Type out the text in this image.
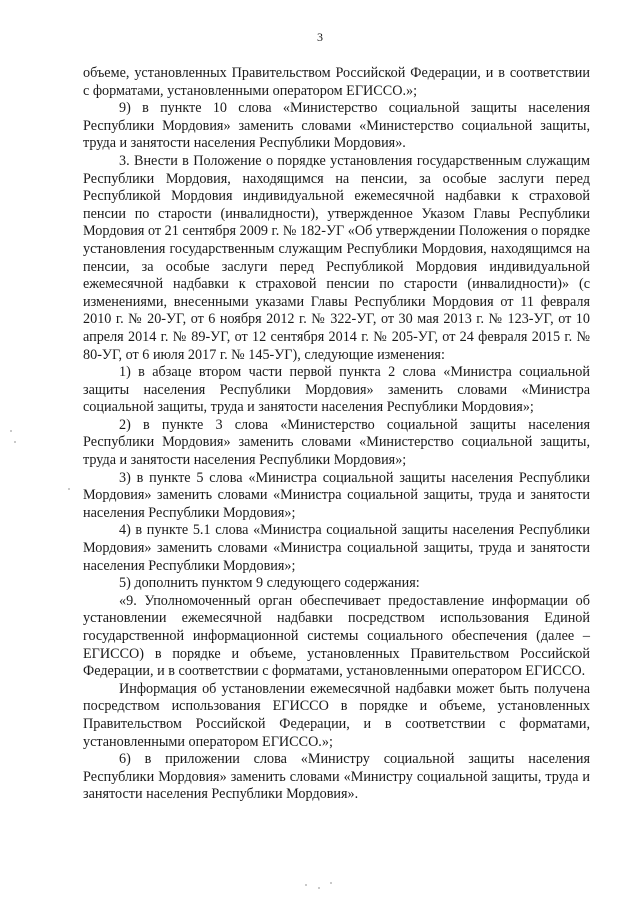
3

объеме, установленных Правительством Российской Федерации, и в соответствии с форматами, установленными оператором ЕГИССО.»;

9) в пункте 10 слова «Министерство социальной защиты населения Республики Мордовия» заменить словами «Министерство социальной защиты, труда и занятости населения Республики Мордовия».

3. Внести в Положение о порядке установления государственным служащим Республики Мордовия, находящимся на пенсии, за особые заслуги перед Республикой Мордовия индивидуальной ежемесячной надбавки к страховой пенсии по старости (инвалидности), утвержденное Указом Главы Республики Мордовия от 21 сентября 2009 г. № 182-УГ «Об утверждении Положения о порядке установления государственным служащим Республики Мордовия, находящимся на пенсии, за особые заслуги перед Республикой Мордовия индивидуальной ежемесячной надбавки к страховой пенсии по старости (инвалидности)» (с изменениями, внесенными указами Главы Республики Мордовия от 11 февраля 2010 г. № 20-УГ, от 6 ноября 2012 г. № 322-УГ, от 30 мая 2013 г. № 123-УГ, от 10 апреля 2014 г. № 89-УГ, от 12 сентября 2014 г. № 205-УГ, от 24 февраля 2015 г. № 80-УГ, от 6 июля 2017 г. № 145-УГ), следующие изменения:

1) в абзаце втором части первой пункта 2 слова «Министра социальной защиты населения Республики Мордовия» заменить словами «Министра социальной защиты, труда и занятости населения Республики Мордовия»;

2) в пункте 3 слова «Министерство социальной защиты населения Республики Мордовия» заменить словами «Министерство социальной защиты, труда и занятости населения Республики Мордовия»;

3) в пункте 5 слова «Министра социальной защиты населения Республики Мордовия» заменить словами «Министра социальной защиты, труда и занятости населения Республики Мордовия»;

4) в пункте 5.1 слова «Министра социальной защиты населения Республики Мордовия» заменить словами «Министра социальной защиты, труда и занятости населения Республики Мордовия»;

5) дополнить пунктом 9 следующего содержания:

«9. Уполномоченный орган обеспечивает предоставление информации об установлении ежемесячной надбавки посредством использования Единой государственной информационной системы социального обеспечения (далее – ЕГИССО) в порядке и объеме, установленных Правительством Российской Федерации, и в соответствии с форматами, установленными оператором ЕГИССО.

Информация об установлении ежемесячной надбавки может быть получена посредством использования ЕГИССО в порядке и объеме, установленных Правительством Российской Федерации, и в соответствии с форматами, установленными оператором ЕГИССО.»;

6) в приложении слова «Министру социальной защиты населения Республики Мордовия» заменить словами «Министру социальной защиты, труда и занятости населения Республики Мордовия».
